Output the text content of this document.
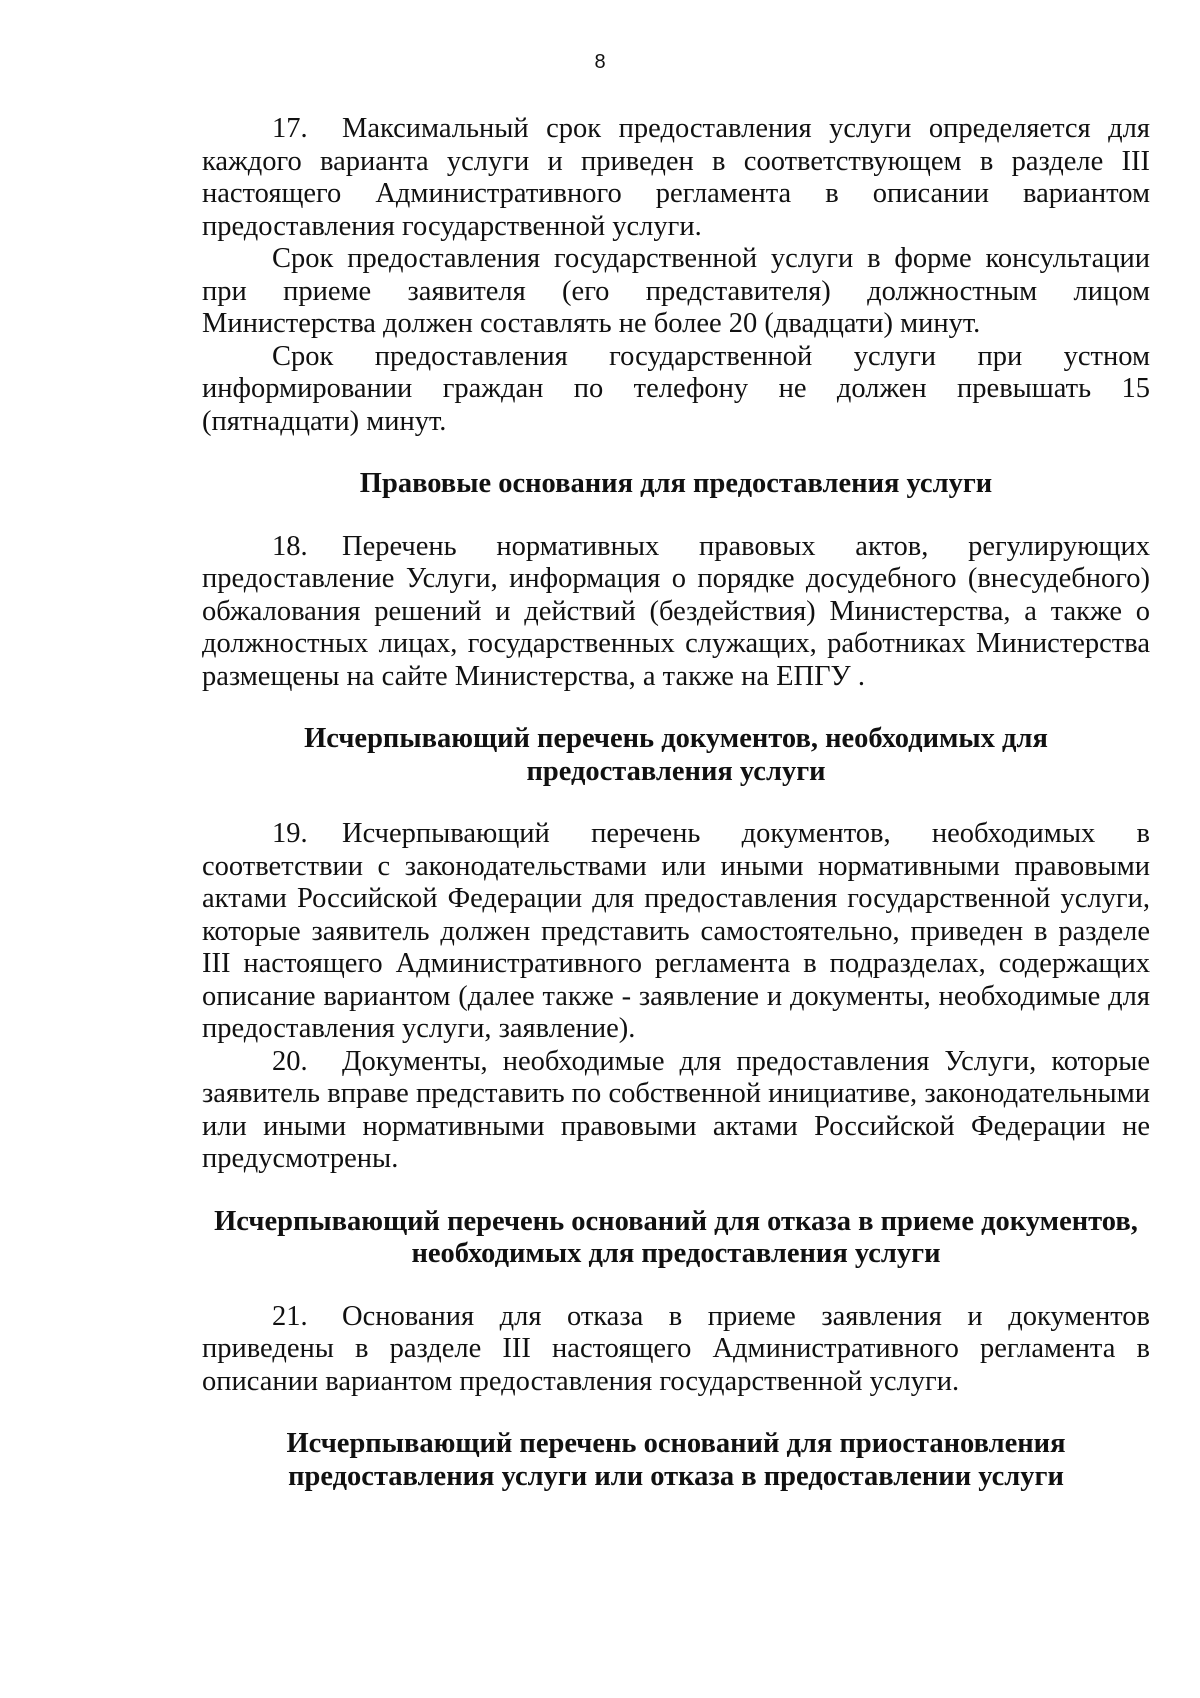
8

17. Максимальный срок предоставления услуги определяется для каждого варианта услуги и приведен в соответствующем в разделе III настоящего Административного регламента в описании вариантом предоставления государственной услуги.

Срок предоставления государственной услуги в форме консультации при приеме заявителя (его представителя) должностным лицом Министерства должен составлять не более 20 (двадцати) минут.

Срок предоставления государственной услуги при устном информировании граждан по телефону не должен превышать 15 (пятнадцати) минут.

Правовые основания для предоставления услуги

18. Перечень нормативных правовых актов, регулирующих предоставление Услуги, информация о порядке досудебного (внесудебного) обжалования решений и действий (бездействия) Министерства, а также о должностных лицах, государственных служащих, работниках Министерства размещены на сайте Министерства, а также на ЕПГУ .

Исчерпывающий перечень документов, необходимых для
предоставления услуги

19. Исчерпывающий перечень документов, необходимых в соответствии с законодательствами или иными нормативными правовыми актами Российской Федерации для предоставления государственной услуги, которые заявитель должен представить самостоятельно, приведен в разделе III настоящего Административного регламента в подразделах, содержащих описание вариантом (далее также - заявление и документы, необходимые для предоставления услуги, заявление).

20. Документы, необходимые для предоставления Услуги, которые заявитель вправе представить по собственной инициативе, законодательными или иными нормативными правовыми актами Российской Федерации не предусмотрены.

Исчерпывающий перечень оснований для отказа в приеме документов,
необходимых для предоставления услуги

21. Основания для отказа в приеме заявления и документов приведены в разделе III настоящего Административного регламента в описании вариантом предоставления государственной услуги.

Исчерпывающий перечень оснований для приостановления
предоставления услуги или отказа в предоставлении услуги
